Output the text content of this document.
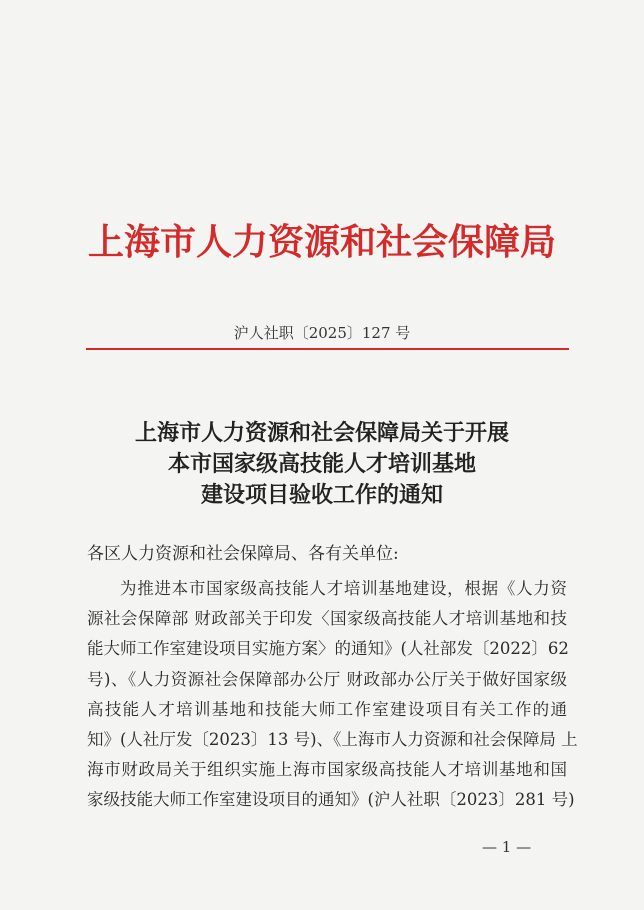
上海市人力资源和社会保障局
沪人社职〔2025〕127 号
上海市人力资源和社会保障局关于开展
本市国家级高技能人才培训基地
建设项目验收工作的通知
各区人力资源和社会保障局、各有关单位:
为推进本市国家级高技能人才培训基地建设，根据《人力资
源社会保障部 财政部关于印发〈国家级高技能人才培训基地和技
能大师工作室建设项目实施方案〉的通知》(人社部发〔2022〕62
号)、《人力资源社会保障部办公厅 财政部办公厅关于做好国家级
高技能人才培训基地和技能大师工作室建设项目有关工作的通
知》(人社厅发〔2023〕13 号)、《上海市人力资源和社会保障局 上
海市财政局关于组织实施上海市国家级高技能人才培训基地和国
家级技能大师工作室建设项目的通知》(沪人社职〔2023〕281 号)
— 1 —
